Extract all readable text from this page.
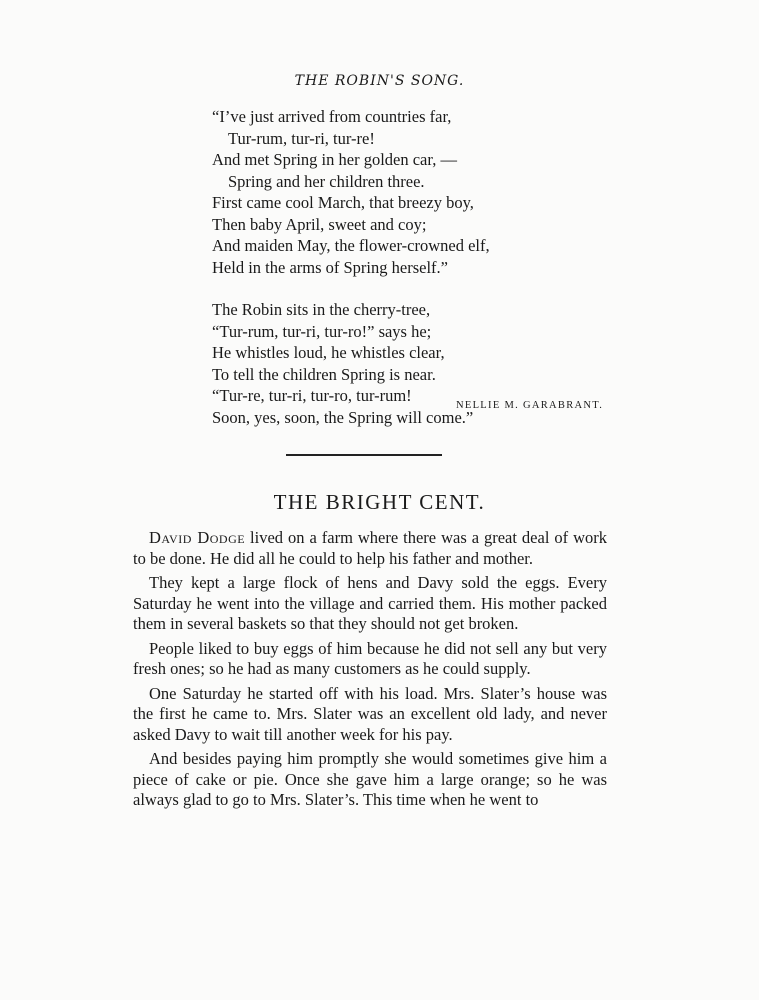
THE ROBIN'S SONG.
“I’ve just arrived from countries far,
Tur-rum, tur-ri, tur-re!
And met Spring in her golden car, —
Spring and her children three.
First came cool March, that breezy boy,
Then baby April, sweet and coy;
And maiden May, the flower-crowned elf,
Held in the arms of Spring herself.”
The Robin sits in the cherry-tree,
“Tur-rum, tur-ri, tur-ro!” says he;
He whistles loud, he whistles clear,
To tell the children Spring is near.
“Tur-re, tur-ri, tur-ro, tur-rum!
Soon, yes, soon, the Spring will come.”
NELLIE M. GARABRANT.
THE BRIGHT CENT.

David Dodge lived on a farm where there was a great deal of work to be done. He did all he could to help his father and mother.

They kept a large flock of hens and Davy sold the eggs. Every Saturday he went into the village and carried them. His mother packed them in several baskets so that they should not get broken.

People liked to buy eggs of him because he did not sell any but very fresh ones; so he had as many customers as he could supply.

One Saturday he started off with his load. Mrs. Slater’s house was the first he came to. Mrs. Slater was an excellent old lady, and never asked Davy to wait till another week for his pay.

And besides paying him promptly she would sometimes give him a piece of cake or pie. Once she gave him a large orange; so he was always glad to go to Mrs. Slater’s. This time when he went to
